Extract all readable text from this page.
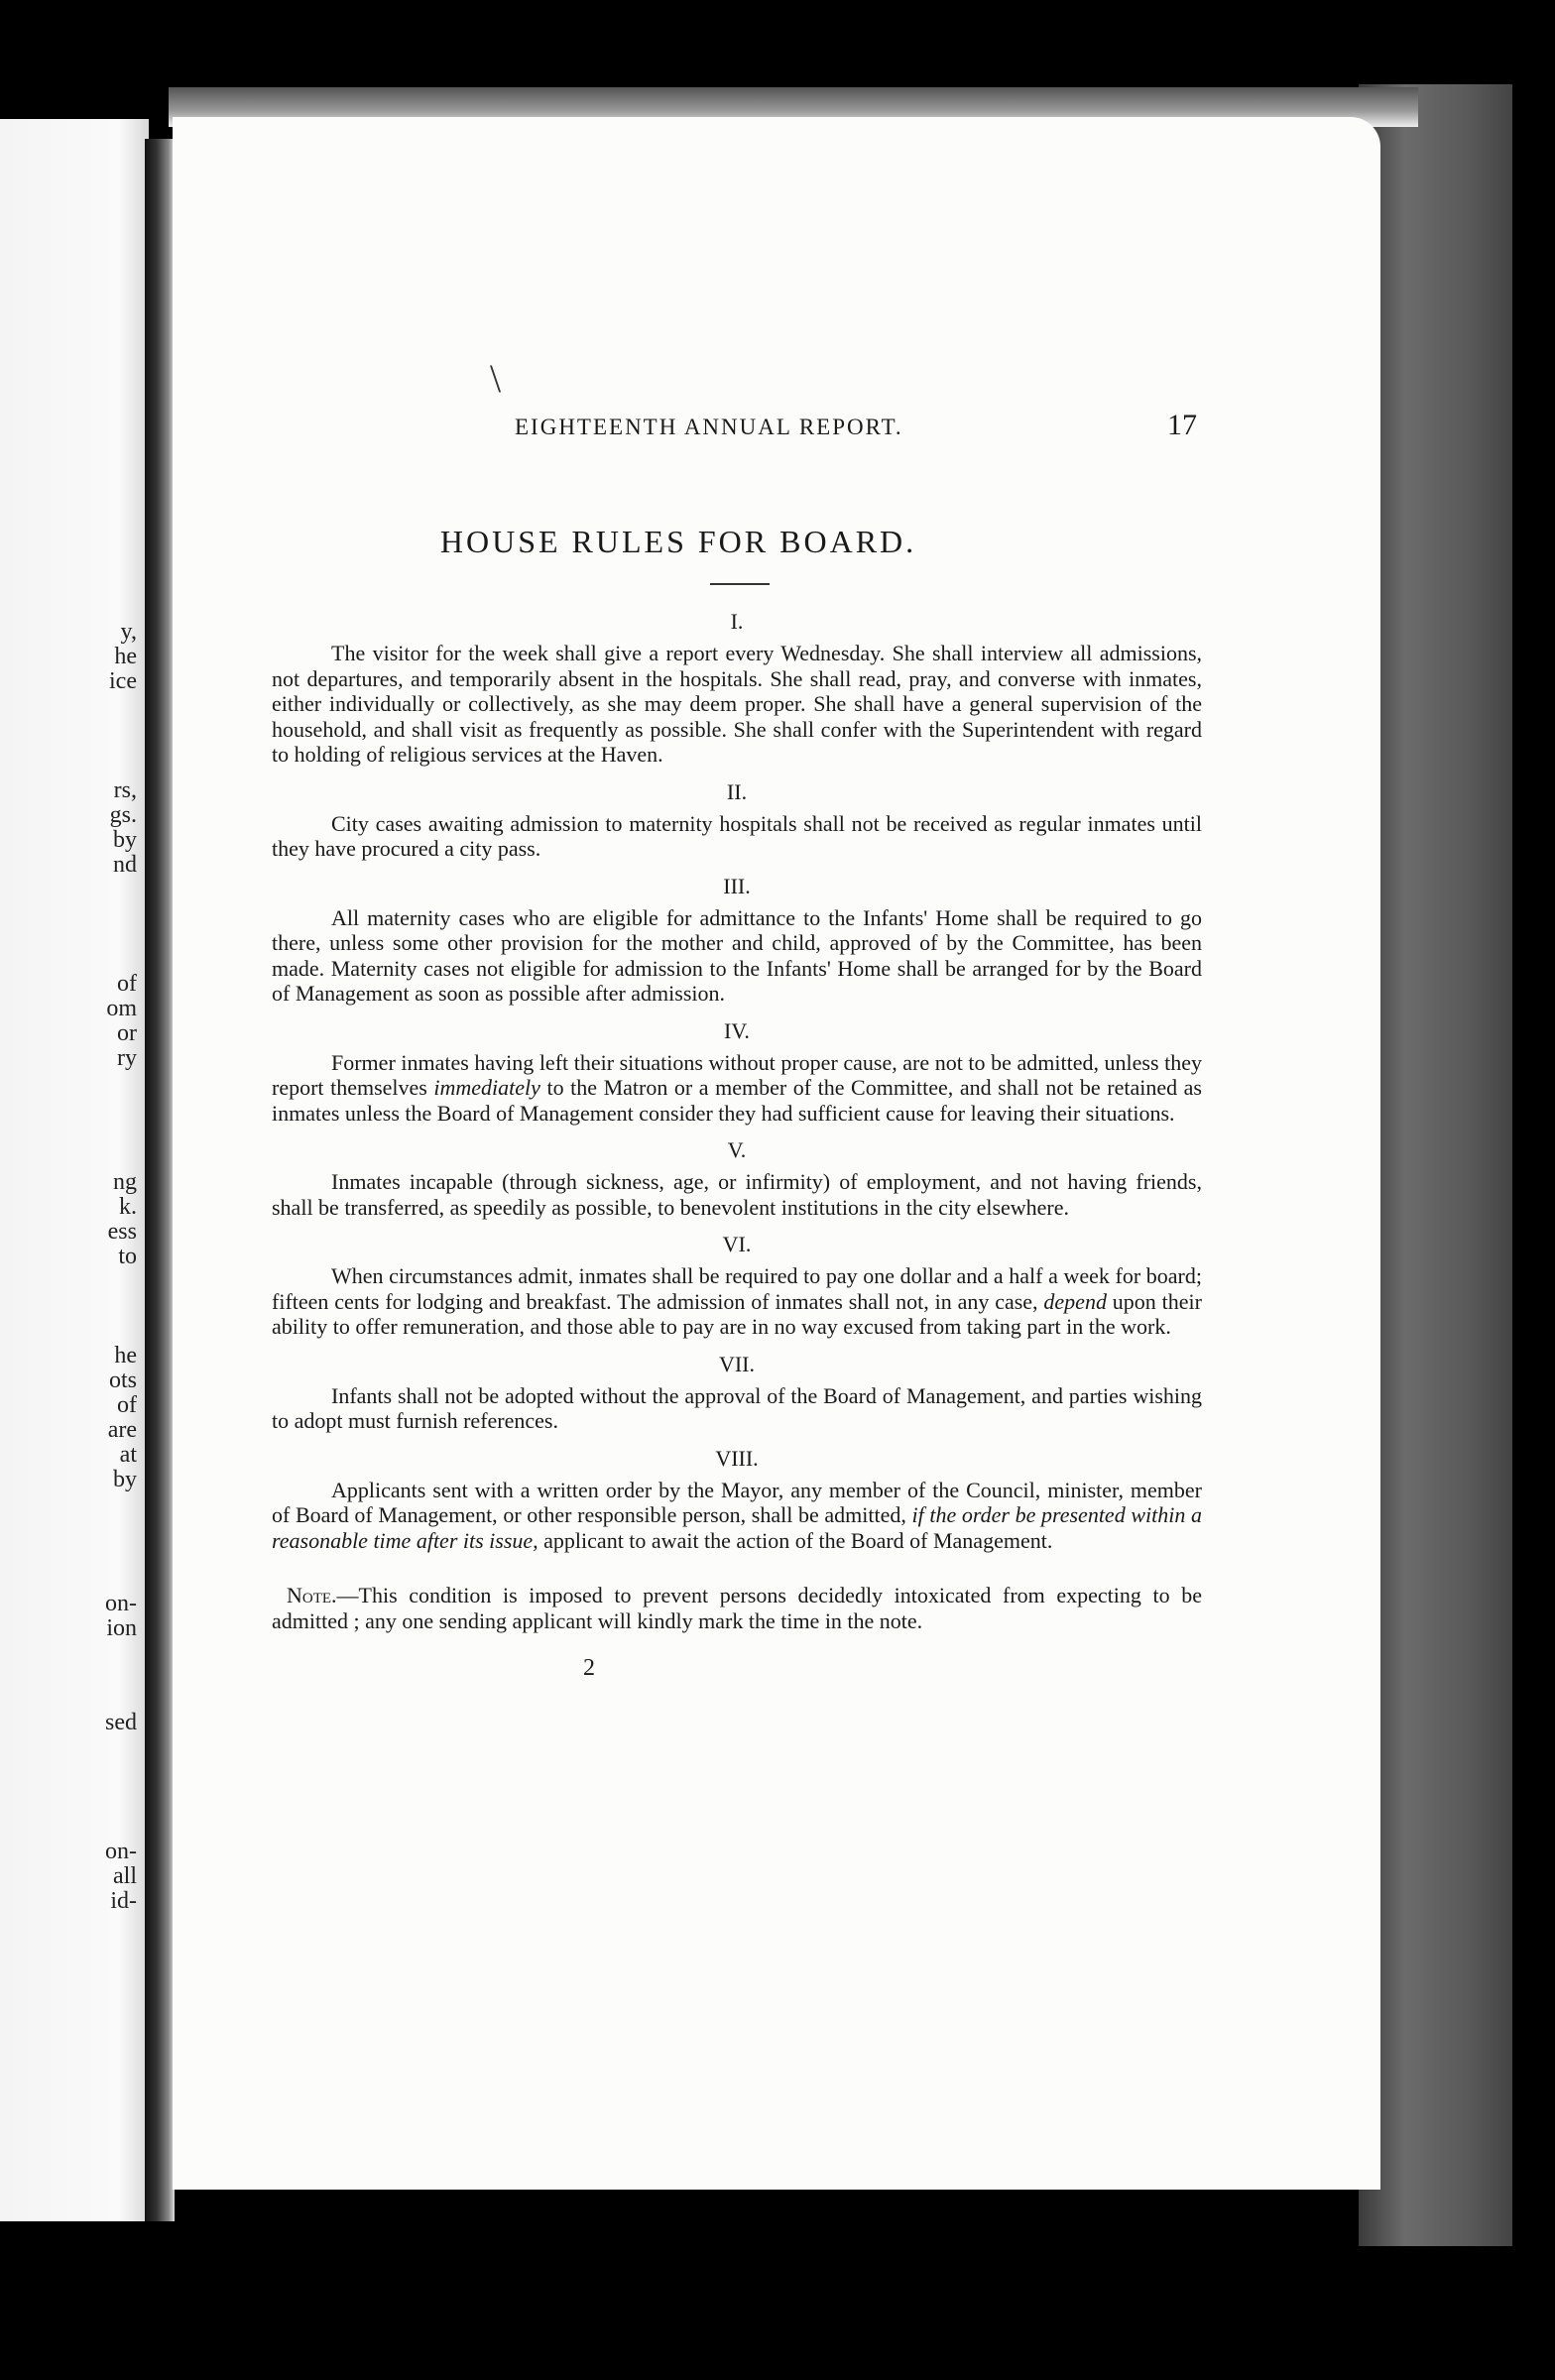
y,
he
ice
rs,
gs.
by
nd
of
om
or
ry
ng
k.
ess
to
he
ots
of
are
at
by
on-
ion
sed
on-
all
id-
\
EIGHTEENTH ANNUAL REPORT.	17
HOUSE RULES FOR BOARD.
I.

The visitor for the week shall give a report every Wednesday. She shall interview all admissions, not departures, and temporarily absent in the hospitals. She shall read, pray, and converse with inmates, either individually or collectively, as she may deem proper. She shall have a general supervision of the household, and shall visit as frequently as possible. She shall confer with the Superintendent with regard to holding of religious services at the Haven.

II.

City cases awaiting admission to maternity hospitals shall not be received as regular inmates until they have procured a city pass.

III.

All maternity cases who are eligible for admittance to the Infants' Home shall be required to go there, unless some other provision for the mother and child, approved of by the Committee, has been made. Maternity cases not eligible for admission to the Infants' Home shall be arranged for by the Board of Management as soon as possible after admission.

IV.

Former inmates having left their situations without proper cause, are not to be admitted, unless they report themselves immediately to the Matron or a member of the Committee, and shall not be retained as inmates unless the Board of Management consider they had sufficient cause for leaving their situations.

V.

Inmates incapable (through sickness, age, or infirmity) of employment, and not having friends, shall be transferred, as speedily as possible, to benevolent institutions in the city elsewhere.

VI.

When circumstances admit, inmates shall be required to pay one dollar and a half a week for board; fifteen cents for lodging and breakfast. The admission of inmates shall not, in any case, depend upon their ability to offer remuneration, and those able to pay are in no way excused from taking part in the work.

VII.

Infants shall not be adopted without the approval of the Board of Management, and parties wishing to adopt must furnish references.

VIII.

Applicants sent with a written order by the Mayor, any member of the Council, minister, member of Board of Management, or other responsible person, shall be admitted, if the order be presented within a reasonable time after its issue, applicant to await the action of the Board of Management.

Note.—This condition is imposed to prevent persons decidedly intoxicated from expecting to be admitted ; any one sending applicant will kindly mark the time in the note.

2
